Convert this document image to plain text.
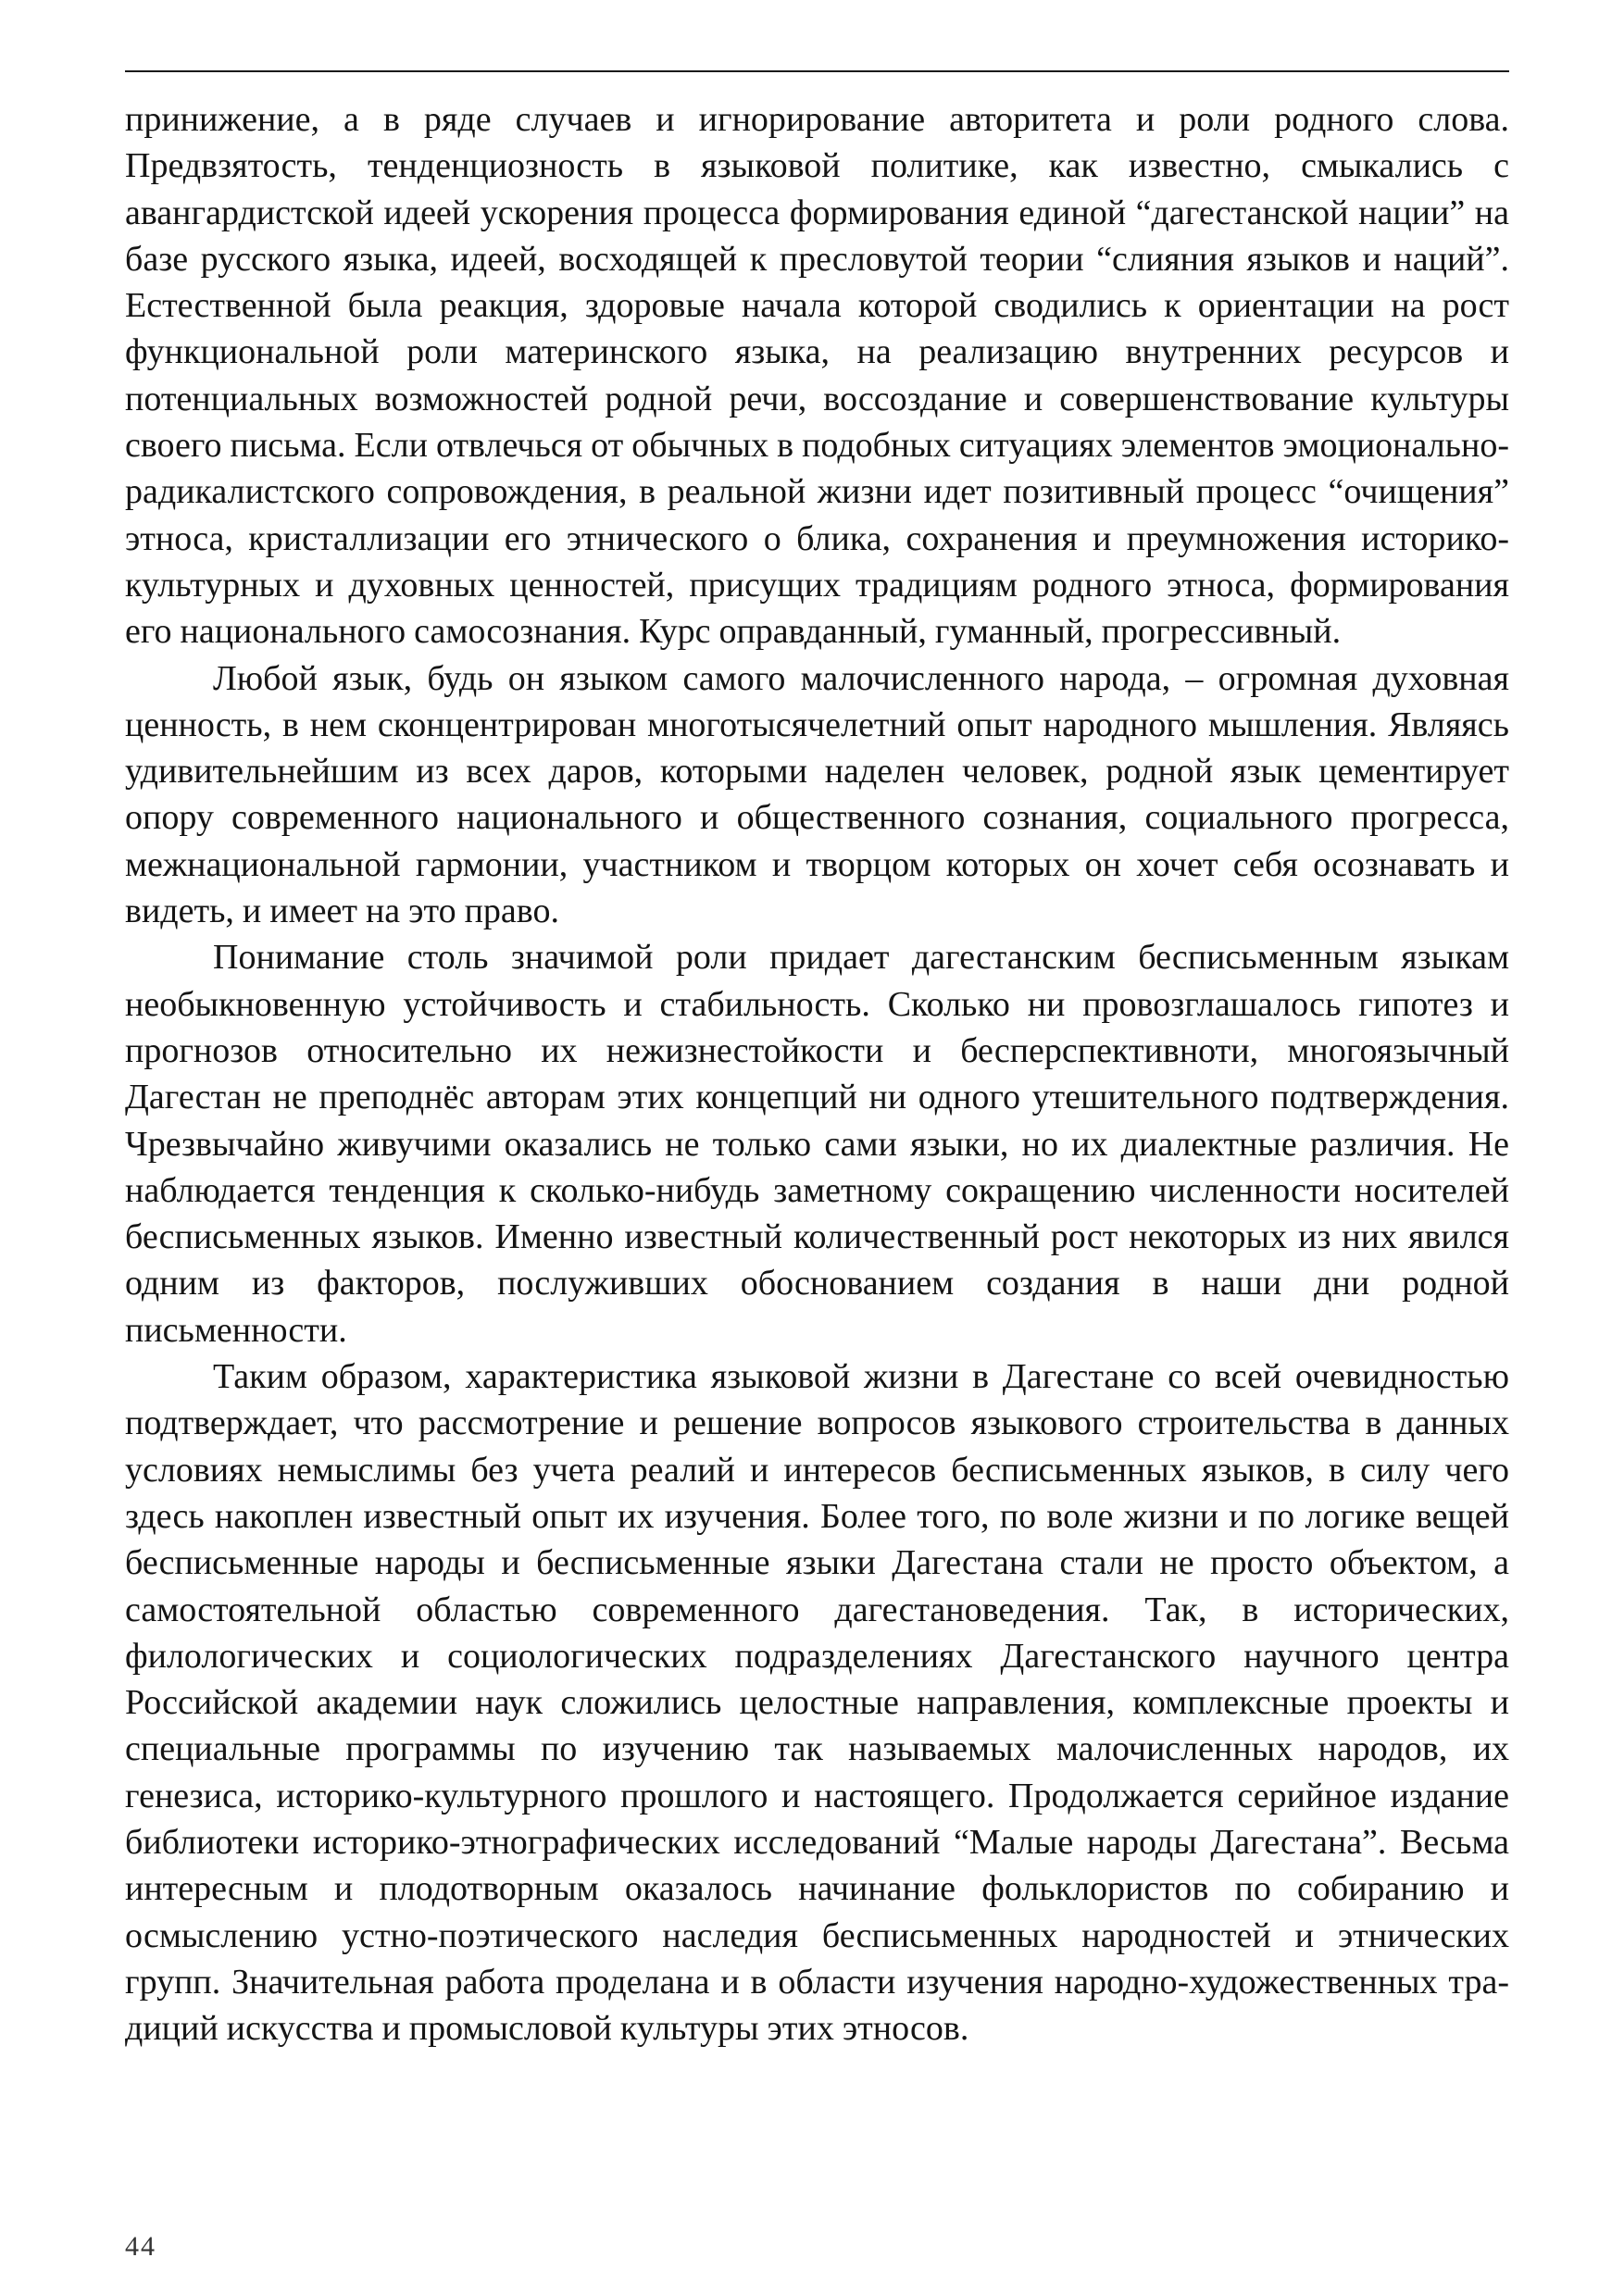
принижение, а в ряде случаев и игнорирование авторитета и роли родного слова. Предвзятость, тенденциозность в языковой политике, как известно, смыкались с авангардистской идеей ускорения процесса формирования единой “дагестанской нации” на базе русского языка, идеей, восходящей к пресловутой теории “слияния языков и наций”. Естественной была реакция, здоровые начала которой сводились к ориентации на рост функциональной роли материнского языка, на реализацию внутренних ресурсов и потенциальных возможностей родной речи, воссоздание и совершенствование культуры своего письма. Если отвлечься от обычных в подобных ситуациях элементов эмоционально-радикалистского сопровождения, в реальной жизни идет позитивный процесс “очищения” этноса, кристаллизации его этнического о блика, сохранения и преумножения историко-культурных и духовных ценностей, присущих традициям родного этноса, формирования его национального самосознания. Курс оправданный, гуманный, прогрессивный.

Любой язык, будь он языком самого малочисленного народа, – огромная духовная ценность, в нем сконцентрирован многотысячелетний опыт народного мышления. Являясь удивительнейшим из всех даров, которыми наделен человек, родной язык цементирует опору современного национального и общественного сознания, социального прогресса, межнациональной гармонии, участником и творцом которых он хочет себя осознавать и видеть, и имеет на это право.

Понимание столь значимой роли придает дагестанским бесписьменным языкам необыкновенную устойчивость и стабильность. Сколько ни провозглашалось гипотез и прогнозов относительно их нежизнестойкости и бесперспективноти, многоязычный Дагестан не преподнёс авторам этих концепций ни одного утешительного подтверждения. Чрезвычайно живучими оказались не только сами языки, но их диалектные различия. Не наблюдается тенденция к сколько-нибудь заметному сокращению численности носителей бесписьменных языков. Именно известный количественный рост некоторых из них явился одним из факторов, послуживших обоснованием создания в наши дни родной письменности.

Таким образом, характеристика языковой жизни в Дагестане со всей очевидностью подтверждает, что рассмотрение и решение вопросов языкового строительства в данных условиях немыслимы без учета реалий и интересов бесписьменных языков, в силу чего здесь накоплен известный опыт их изучения. Более того, по воле жизни и по логике вещей бесписьменные народы и бесписьменные языки Дагестана стали не просто объектом, а самостоятельной областью современного дагестановедения. Так, в исторических, филологических и социологических подразделениях Дагестанского научного центра Российской академии наук сложились целостные направления, комплексные проекты и специальные программы по изучению так называемых малочисленных народов, их генезиса, историко-культурного прошлого и настоящего. Продолжается серийное издание библиотеки историко-этнографических исследований “Малые народы Дагестана”. Весьма интересным и плодотворным оказалось начинание фольклористов по собиранию и осмыслению устно-поэтического наследия бесписьменных народностей и этнических групп. Значительная работа проделана и в области изучения народно-художественных традиций искусства и промысловой культуры этих этносов.

44
